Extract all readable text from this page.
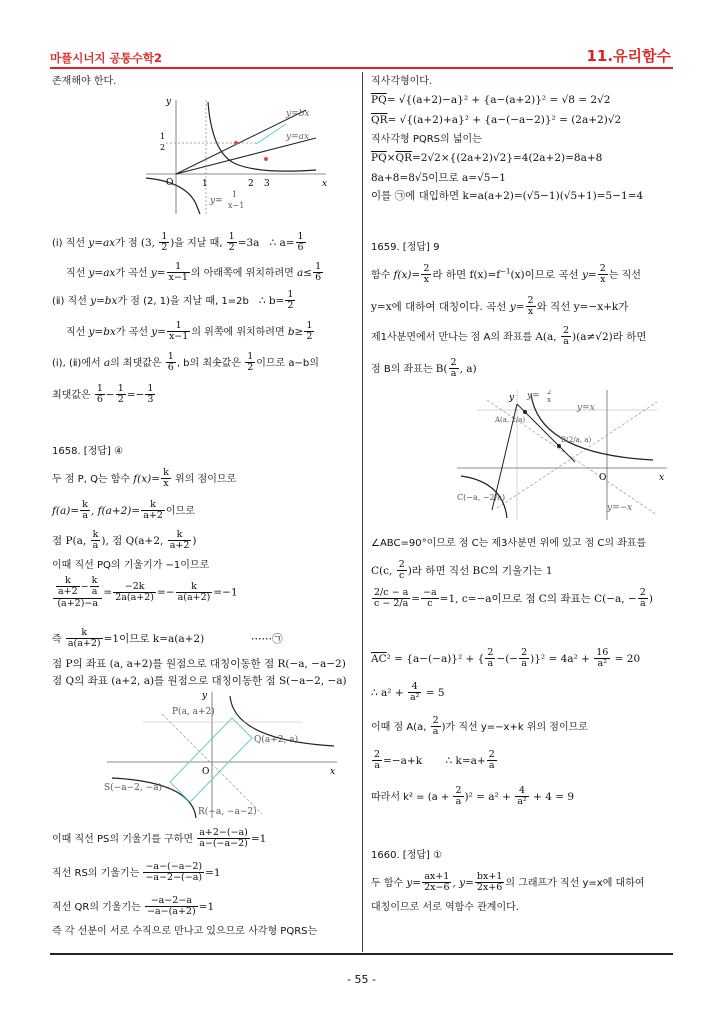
마플시너지 공통수학2	11.유리함수
- 55 -
존재해야 한다.
y
x
O
y=bx
y=ax
2
1	3
1
2
y=
1
x−1
(ⅰ) 직선 y=ax가 점 (3, $\frac{1}{2}$ )을 지날 때, $\frac{1}{2} =3a$ ∴ $a= \frac{1}{6}$
직선 y=ax가 곡선 $y= \frac{1}{x-1}$ 의 아래쪽에 위치하려면 $a\le \frac{1}{6}$
(ⅱ) 직선 y=bx가 점 (2, 1)을 지날 때, 1=2b ∴ $b= \frac{1}{2}$
직선 y=bx가 곡선 $y= \frac{1}{x-1}$ 의 위쪽에 위치하려면 $b\ge \frac{1}{2}$
(ⅰ), (ⅱ)에서 a의 최댓값은 $\frac{1}{6}$ , b의 최솟값은 $\frac{1}{2}$ 이므로 a−b의
최댓값은 $\frac{1}{6} - \frac{1}{2} =- \frac{1}{3}$
1658. [정답] ④
두 점 P, Q는 함수 $f(x)= \frac{k}{x}$ 위의 점이므로
$f(a)= \frac{k}{a}$ , $f(a+2)= \frac{k}{a+2}$ 이므로
점 P(a, $\frac{k}{a}$ ), 점 Q(a+2, $\frac{k}{a+2}$ )
이때 직선 PQ의 기울기가 −1이므로
$\frac{\frac{k}{a+2} - \frac{k}{a}}{(a+2)-a} = \frac{-2k}{2a(a+2)} =- \frac{k}{a(a+2)} =-1$
즉 $\frac{k}{a(a+2)} =1$이므로 k=a(a+2)	⋯⋯㉠
점 P의 좌표 (a, a+2)를 원점으로 대칭이동한 점 R(−a, −a−2)
점 Q의 좌표 (a+2, a)를 원점으로 대칭이동한 점 S(−a−2, −a)
y
x
O
P(a, a+2)
Q(a+2, a)
S(−a−2, −a)
R(−a, −a−2)
이때 직선 PS의 기울기를 구하면 $\frac{a+2-(-a)}{a-(-a-2)} =1$
직선 RS의 기울기는 $\frac{-a-(-a-2)}{-a-2-(-a)} =1$
직선 QR의 기울기는 $\frac{-a-2-a}{-a-(a+2)} =1$
즉 각 선분이 서로 수직으로 만나고 있으므로 사각형 PQRS는
직사각형이다.
$\overline{PQ}= √\{(a+2)-a\}^2 + \{a-(a+2)\}^2 = √8 = 2√2$
$\overline{QR}= √\{(a+2)+a\}^2 + \{a-(-a-2)\}^2 = (2a+2)√2$
직사각형 PQRS의 넓이는
$\overline{PQ}\times\overline{QR}=2√2\times\{(2a+2)√2\}=4(2a+2)=8a+8$
8a+8=8√5이므로 a=√5−1
이를 ㉠에 대입하면 k=a(a+2)=(√5−1)(√5+1)=5−1=4
1659. [정답] 9
함수 $f(x)= \frac{2}{x}$ 라 하면 $f(x)=f^{-1}(x)$이므로 곡선 $y= \frac{2}{x}$ 는 직선
y=x에 대하여 대칭이다. 곡선 $y= \frac{2}{x}$ 와 직선 y=−x+k가
제1사분면에서 만나는 점 A의 좌표를 A(a, $\frac{2}{a} )(a\ne√2)$라 하면
점 B의 좌표는 $B( \frac{2}{a}$ , a)
y
x
O
y= 2
x
y=x
y=−x
A(a, 2/a)
B(2/a, a)
C(−a, −2/a)
∠ABC=90°이므로 점 C는 제3사분면 위에 있고 점 C의 좌표를
C(c, $\frac{2}{c}$ )라 하면 직선 BC의 기울기는 1
$\frac{2/c - a}{c - 2/a} = \frac{-a}{c} =1$, c=−a이므로 점 C의 좌표는 C(−a, − $\frac{2}{a}$ )
$\overline{AC}^2 = \{a-(-a)\}^2$ + { $\frac{2}{a}$ −(− $\frac{2}{a} )\}^2 = 4a^2 + \frac{16}{\text{a²}} = 20$
∴ $a^2 + \frac{4}{\text{a²}} = 5$
이때 점 A(a, $\frac{2}{a}$ )가 직선 y=−x+k 위의 점이므로
$\frac{2}{a} =-a+k$ ∴ $k=a+ \frac{2}{a}$
따라서 $k^2 = (a + \frac{2}{a} )^2 = a^2 + \frac{4}{\text{a²}} + 4 = 9$
1660. [정답] ①
두 함수 $y= \frac{ax+1}{2x-6}$ , $y= \frac{bx+1}{2x+6}$ 의 그래프가 직선 y=x에 대하여
대칭이므로 서로 역함수 관계이다.
